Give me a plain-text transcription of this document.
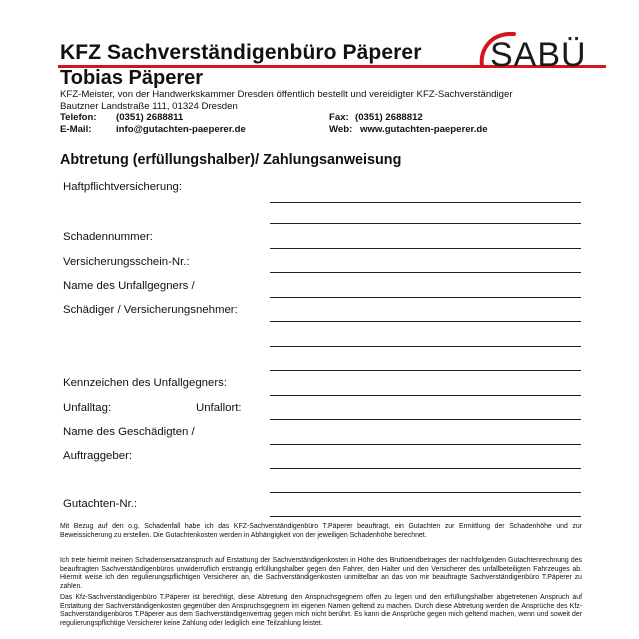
KFZ Sachverständigenbüro Päperer
Tobias Päperer
SABÜ
KFZ-Meister, von der Handwerkskammer Dresden öffentlich bestellt und vereidigter KFZ-Sachverständiger
Bautzner Landstraße 111, 01324 Dresden
Telefon: (0351) 2688811	Fax: (0351) 2688812
E-Mail:	info@gutachten-paeperer.de	Web: www.gutachten-paeperer.de
Abtretung (erfüllungshalber)/ Zahlungsanweisung
Haftpflichtversicherung:
Schadennummer:
Versicherungsschein-Nr.:
Name des Unfallgegners /
Schädiger / Versicherungsnehmer:
Kennzeichen des Unfallgegners:
Unfalltag:	Unfallort:
Name des Geschädigten /
Auftraggeber:
Gutachten-Nr.:
Mit Bezug auf den o.g. Schadenfall habe ich das KFZ-Sachverständigenbüro T.Päperer beauftragt, ein Gutachten zur Ermittlung der Schadenhöhe und zur Beweissicherung zu erstellen. Die Gutachtenkosten werden in Abhängigkeit von der jeweiligen Schadenhöhe berechnet.
Ich trete hiermit meinen Schadensersatzanspruch auf Erstattung der Sachverständigenkosten in Höhe des Bruttoendbetrages der nachfolgenden Gutachtenrechnung des beauftragten Sachverständigenbüros unwiderruflich erstrangig erfüllungshalber gegen den Fahrer, den Halter und den Versicherer des unfallbeteiligten Fahrzeuges ab. Hiermit weise ich den regulierungspflichtigen Versicherer an, die Sachverständigenkosten unmittelbar an das von mir beauftragte Sachverständigenbüro T.Päperer zu zahlen.
Das Kfz-Sachverständigenbüro T.Päperer ist berechtigt, diese Abtretung den Anspruchsgegnern offen zu legen und den erfüllungshalber abgetretenen Anspruch auf Erstattung der Sachverständigenkosten gegenüber den Anspruchsgegnern im eigenen Namen geltend zu machen. Durch diese Abtretung werden die Ansprüche des Kfz-Sachverständigenbüros T.Päperer aus dem Sachverständigenvertrag gegen mich nicht berührt. Es kann die Ansprüche gegen mich geltend machen, wenn und soweit der regulierungspflichtige Versicherer keine Zahlung oder lediglich eine Teilzahlung leistet.
